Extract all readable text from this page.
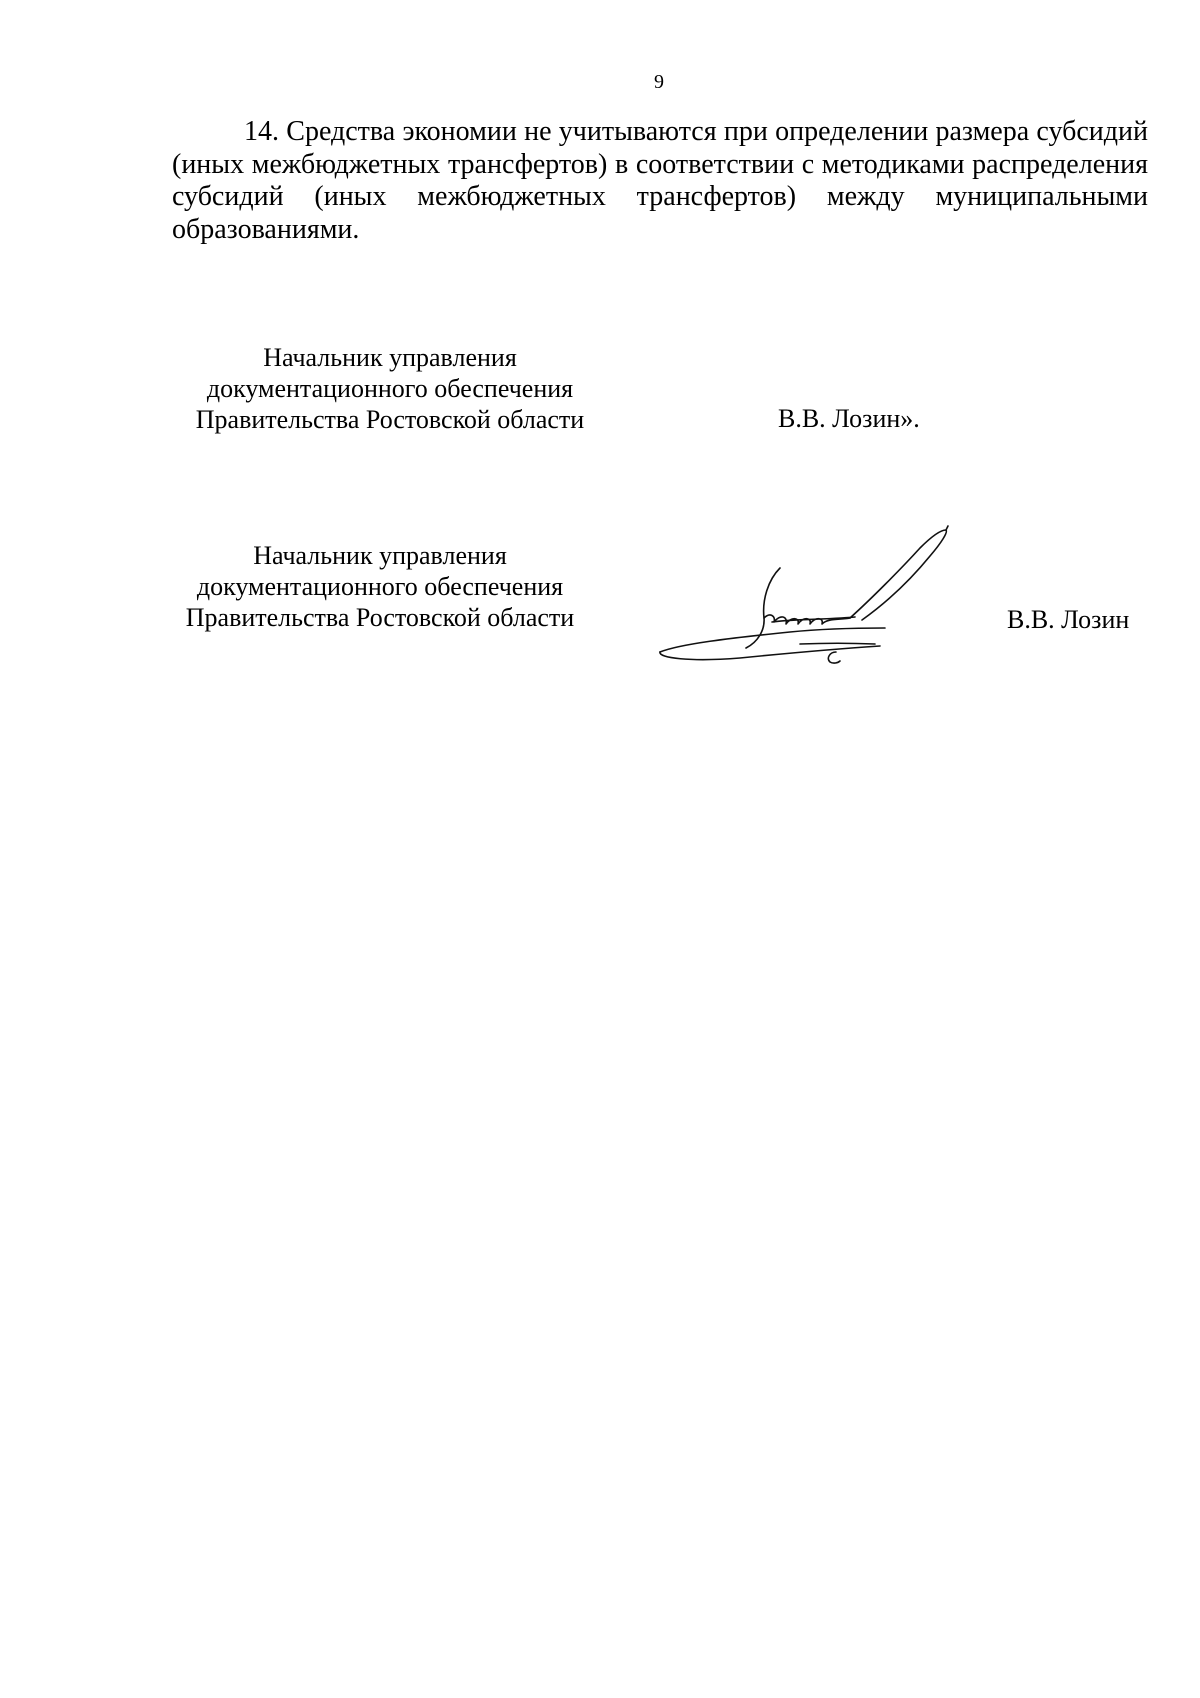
9

14. Средства экономии не учитываются при определении размера субсидий (иных межбюджетных трансфертов) в соответствии с методиками распределения субсидий (иных межбюджетных трансфертов) между муниципальными образованиями.

Начальник управления
документационного обеспечения
Правительства Ростовской области	В.В. Лозин».
Начальник управления
документационного обеспечения
Правительства Ростовской области	В.В. Лозин
